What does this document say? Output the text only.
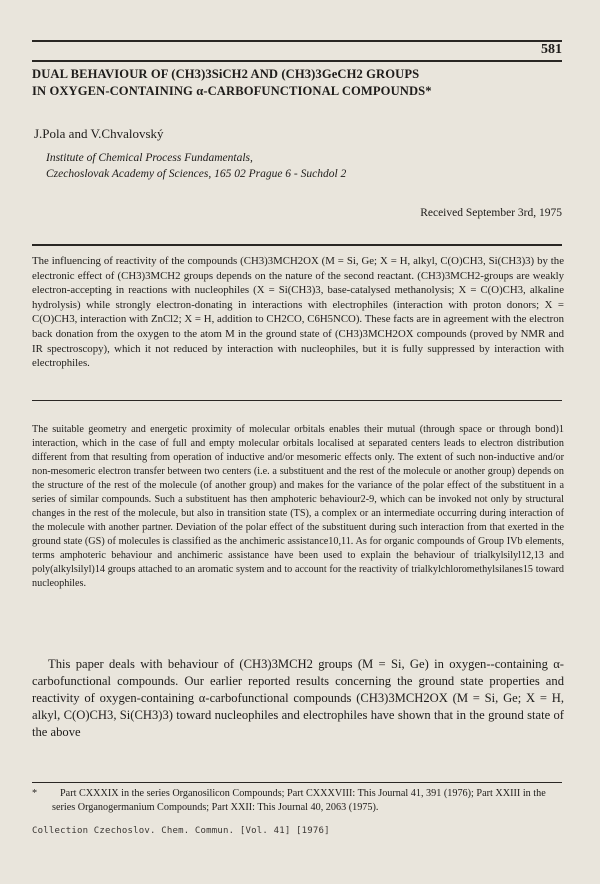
581
DUAL BEHAVIOUR OF (CH3)3SiCH2 AND (CH3)3GeCH2 GROUPS
IN OXYGEN-CONTAINING α-CARBOFUNCTIONAL COMPOUNDS*
J.Pola and V.Chvalovský
Institute of Chemical Process Fundamentals,
Czechoslovak Academy of Sciences, 165 02 Prague 6 - Suchdol 2
Received September 3rd, 1975
The influencing of reactivity of the compounds (CH3)3MCH2OX (M = Si, Ge; X = H, alkyl, C(O)CH3, Si(CH3)3) by the electronic effect of (CH3)3MCH2 groups depends on the nature of the second reactant. (CH3)3MCH2-groups are weakly electron-accepting in reactions with nucleophiles (X = Si(CH3)3, base-catalysed methanolysis; X = C(O)CH3, alkaline hydrolysis) while strongly electron-donating in interactions with electrophiles (interaction with proton donors; X = C(O)CH3, interaction with ZnCl2; X = H, addition to CH2CO, C6H5NCO). These facts are in agreement with the electron back donation from the oxygen to the atom M in the ground state of (CH3)3MCH2OX compounds (proved by NMR and IR spectroscopy), which it not reduced by interaction with nucleophiles, but it is fully suppressed by interaction with electrophiles.
The suitable geometry and energetic proximity of molecular orbitals enables their mutual (through space or through bond)1 interaction, which in the case of full and empty molecular orbitals localised at separated centers leads to electron distribution different from that resulting from operation of inductive and/or mesomeric effects only. The extent of such non-inductive and/or non-mesomeric electron transfer between two centers (i.e. a substituent and the rest of the molecule or another group) depends on the structure of the rest of the molecule (of another group) and makes for the variance of the polar effect of the substituent in a series of similar compounds. Such a substituent has then amphoteric behaviour2-9, which can be invoked not only by structural changes in the rest of the molecule, but also in transition state (TS), a complex or an intermediate occurring during interaction of the molecule with another partner. Deviation of the polar effect of the substituent during such interaction from that exerted in the ground state (GS) of molecules is classified as the anchimeric assistance10,11. As for organic compounds of Group IVb elements, terms amphoteric behaviour and anchimeric assistance have been used to explain the behaviour of trialkylsilyl12,13 and poly(alkylsilyl)14 groups attached to an aromatic system and to account for the reactivity of trialkylchloromethylsilanes15 toward nucleophiles.
This paper deals with behaviour of (CH3)3MCH2 groups (M = Si, Ge) in oxygen--containing α-carbofunctional compounds. Our earlier reported results concerning the ground state properties and reactivity of oxygen-containing α-carbofunctional compounds (CH3)3MCH2OX (M = Si, Ge; X = H, alkyl, C(O)CH3, Si(CH3)3) toward nucleophiles and electrophiles have shown that in the ground state of the above
*	Part CXXXIX in the series Organosilicon Compounds; Part CXXXVIII: This Journal 41, 391 (1976); Part XXIII in the series Organogermanium Compounds; Part XXII: This Journal 40, 2063 (1975).
Collection Czechoslov. Chem. Commun. [Vol. 41] [1976]
